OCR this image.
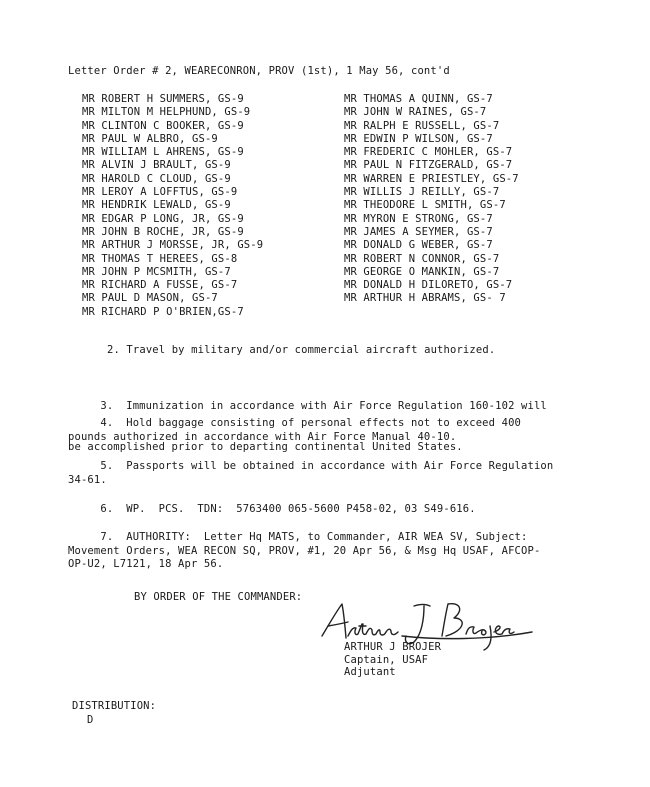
Letter Order # 2, WEARECONRON, PROV (1st), 1 May 56, cont'd
MR ROBERT H SUMMERS, GS-9
MR MILTON M HELPHUND, GS-9
MR CLINTON C BOOKER, GS-9
MR PAUL W ALBRO, GS-9
MR WILLIAM L AHRENS, GS-9
MR ALVIN J BRAULT, GS-9
MR HAROLD C CLOUD, GS-9
MR LEROY A LOFFTUS, GS-9
MR HENDRIK LEWALD, GS-9
MR EDGAR P LONG, JR, GS-9
MR JOHN B ROCHE, JR, GS-9
MR ARTHUR J MORSSE, JR, GS-9
MR THOMAS T HEREES, GS-8
MR JOHN P MCSMITH, GS-7
MR RICHARD A FUSSE, GS-7
MR PAUL D MASON, GS-7
MR RICHARD P O'BRIEN,GS-7
MR THOMAS A QUINN, GS-7
MR JOHN W RAINES, GS-7
MR RALPH E RUSSELL, GS-7
MR EDWIN P WILSON, GS-7
MR FREDERIC C MOHLER, GS-7
MR PAUL N FITZGERALD, GS-7
MR WARREN E PRIESTLEY, GS-7
MR WILLIS J REILLY, GS-7
MR THEODORE L SMITH, GS-7
MR MYRON E STRONG, GS-7
MR JAMES A SEYMER, GS-7
MR DONALD G WEBER, GS-7
MR ROBERT N CONNOR, GS-7
MR GEORGE O MANKIN, GS-7
MR DONALD H DILORETO, GS-7
MR ARTHUR H ABRAMS, GS- 7
2. Travel by military and/or commercial aircraft authorized.

3.  Immunization in accordance with Air Force Regulation 160-102 will

be accomplished prior to departing continental United States.

4.  Hold baggage consisting of personal effects not to exceed 400
pounds authorized in accordance with Air Force Manual 40-10.
5.  Passports will be obtained in accordance with Air Force Regulation
34-61.
6.  WP.  PCS.  TDN:  5763400 065-5600 P458-02, 03 S49-616.
7.  AUTHORITY:  Letter Hq MATS, to Commander, AIR WEA SV, Subject:
Movement Orders, WEA RECON SQ, PROV, #1, 20 Apr 56, & Msg Hq USAF, AFCOP-
OP-U2, L7121, 18 Apr 56.
BY ORDER OF THE COMMANDER:
ARTHUR J BROJER
Captain, USAF
Adjutant
DISTRIBUTION:
D
